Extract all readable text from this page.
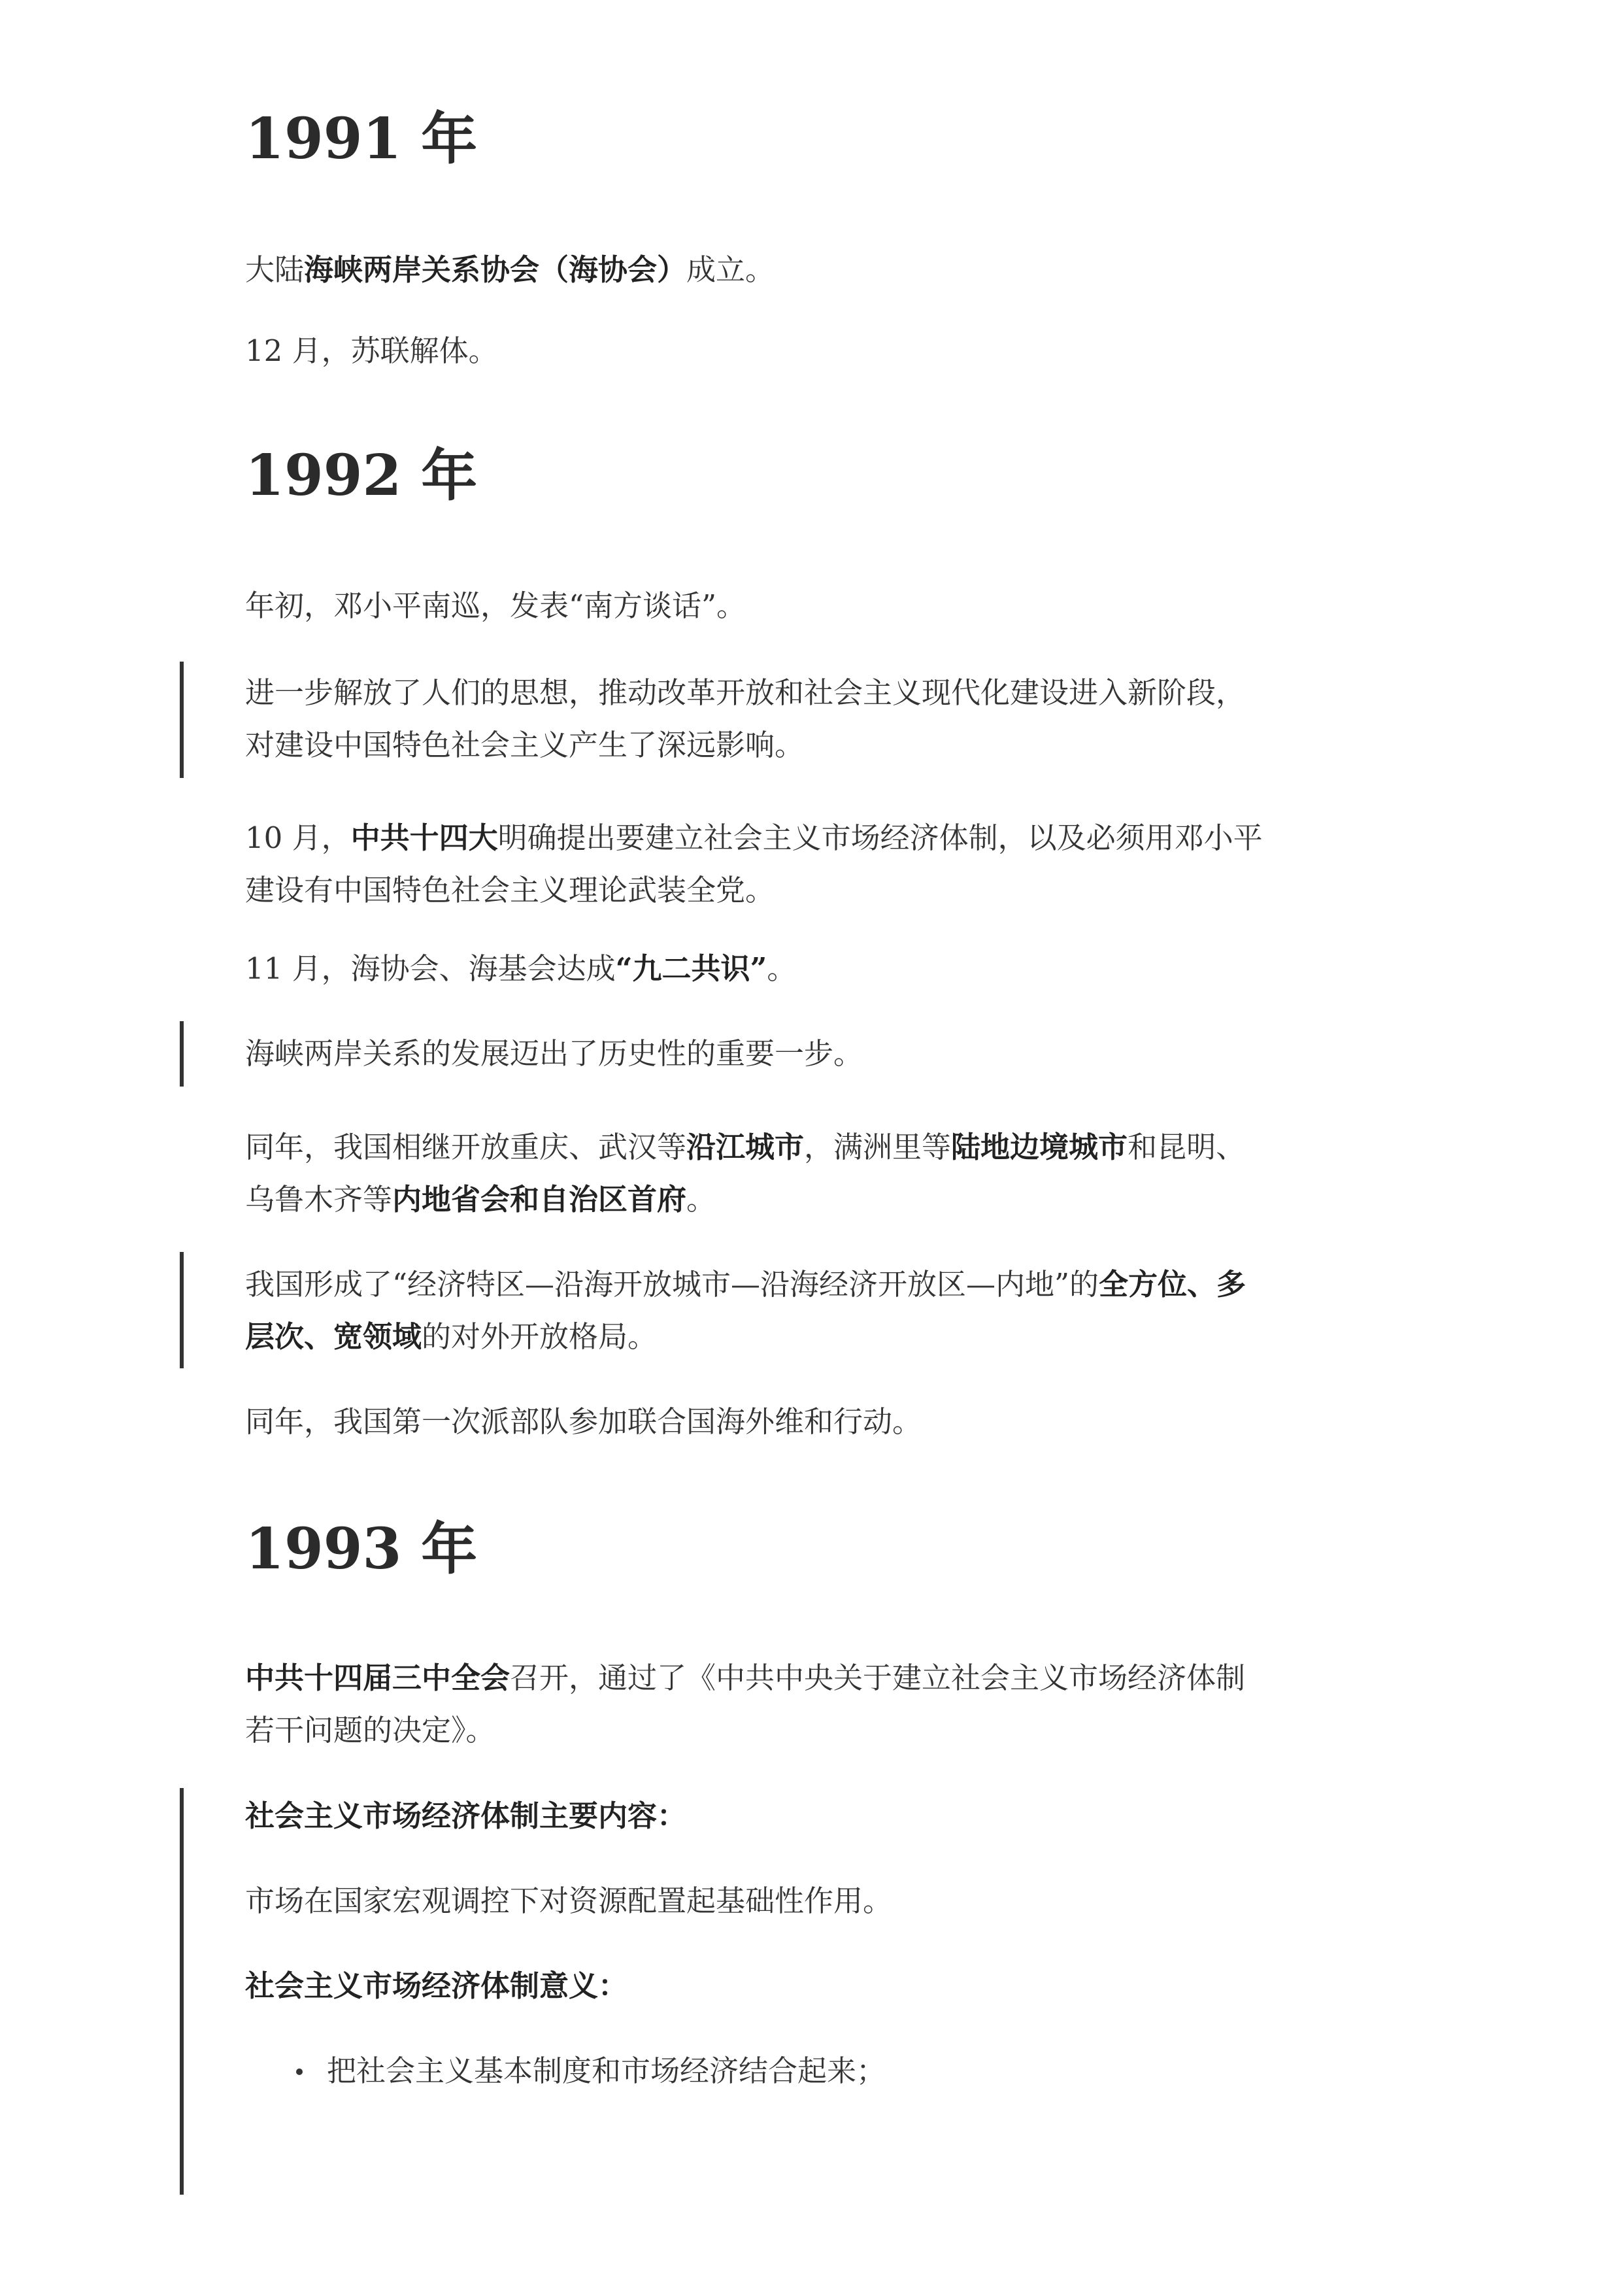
1991 年

大陆海峡两岸关系协会（海协会）成立。

12 月，苏联解体。

1992 年

年初，邓小平南巡，发表“南方谈话”。

进一步解放了人们的思想，推动改革开放和社会主义现代化建设进入新阶段，
对建设中国特色社会主义产生了深远影响。

10 月，中共十四大明确提出要建立社会主义市场经济体制，以及必须用邓小平
建设有中国特色社会主义理论武装全党。

11 月，海协会、海基会达成“九二共识”。

海峡两岸关系的发展迈出了历史性的重要一步。

同年，我国相继开放重庆、武汉等沿江城市，满洲里等陆地边境城市和昆明、
乌鲁木齐等内地省会和自治区首府。

我国形成了“经济特区—沿海开放城市—沿海经济开放区—内地”的全方位、多
层次、宽领域的对外开放格局。

同年，我国第一次派部队参加联合国海外维和行动。

1993 年

中共十四届三中全会召开，通过了《中共中央关于建立社会主义市场经济体制
若干问题的决定》。

社会主义市场经济体制主要内容：

市场在国家宏观调控下对资源配置起基础性作用。

社会主义市场经济体制意义：

把社会主义基本制度和市场经济结合起来；
